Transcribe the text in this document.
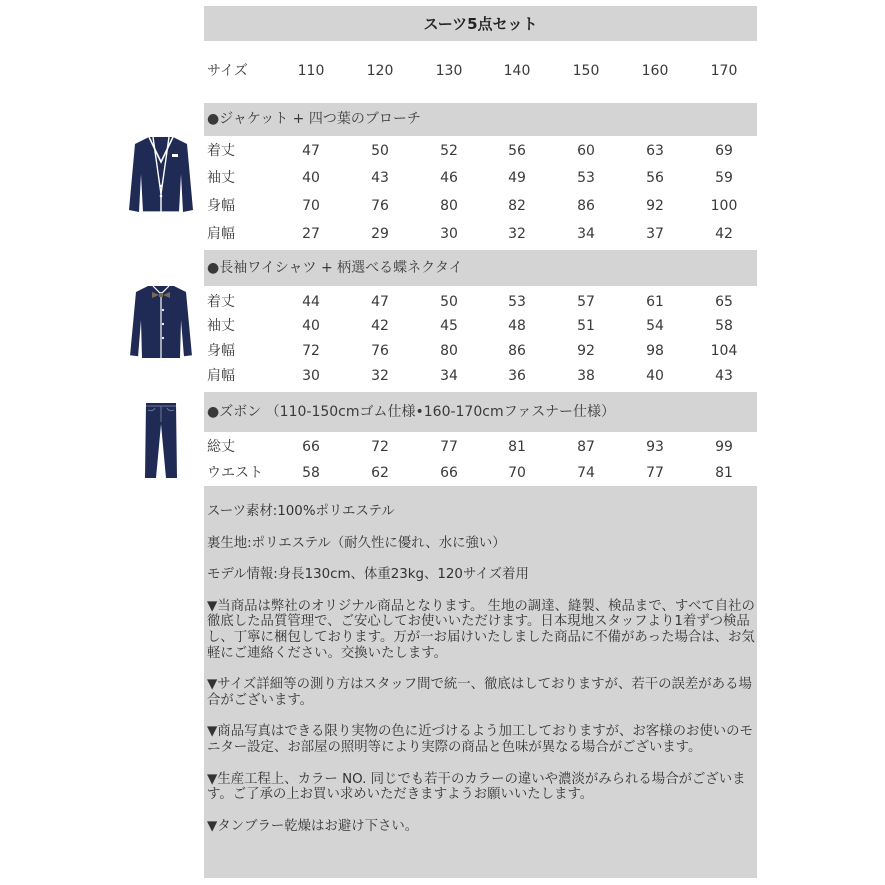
スーツ5点セット
サイズ	110	120	130	140	150	160	170
●ジャケット + 四つ葉のブローチ
着丈	47	50	52	56	60	63	69
袖丈	40	43	46	49	53	56	59
身幅	70	76	80	82	86	92	100
肩幅	27	29	30	32	34	37	42
●長袖ワイシャツ + 柄選べる蝶ネクタイ
着丈	44	47	50	53	57	61	65
袖丈	40	42	45	48	51	54	58
身幅	72	76	80	86	92	98	104
肩幅	30	32	34	36	38	40	43
●ズボン （110-150cmゴム仕様•160-170cmファスナー仕様）
総丈	66	72	77	81	87	93	99
ウエスト	58	62	66	70	74	77	81

スーツ素材:100%ポリエステル

裏生地:ポリエステル（耐久性に優れ、水に強い）

モデル情報:身長130cm、体重23kg、120サイズ着用

▼当商品は弊社のオリジナル商品となります。 生地の調達、縫製、検品まで、すべて自社の徹底した品質管理で、ご安心してお使いいただけます。日本現地スタッフより1着ずつ検品し、丁寧に梱包しております。万が一お届けいたしました商品に不備があった場合は、お気軽にご連絡ください。交換いたします。

▼サイズ詳細等の測り方はスタッフ間で統一、徹底はしておりますが、若干の誤差がある場合がございます。

▼商品写真はできる限り実物の色に近づけるよう加工しておりますが、お客様のお使いのモニター設定、お部屋の照明等により実際の商品と色味が異なる場合がございます。

▼生産工程上、カラー NO. 同じでも若干のカラーの違いや濃淡がみられる場合がございます。ご了承の上お買い求めいただきますようお願いいたします。

▼タンブラー乾燥はお避け下さい。
